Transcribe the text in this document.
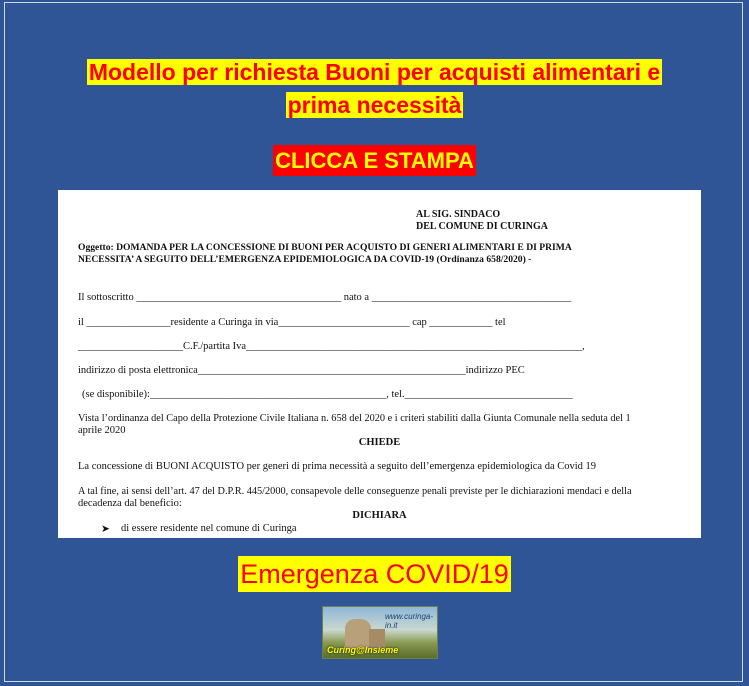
Modello per richiesta Buoni per acquisti alimentari e
prima necessità
CLICCA E STAMPA
AL SIG. SINDACO
DEL COMUNE DI CURINGA
Oggetto: DOMANDA PER LA CONCESSIONE DI BUONI PER ACQUISTO DI GENERI ALIMENTARI E DI PRIMA
NECESSITA’ A SEGUITO DELL’EMERGENZA EPIDEMIOLOGICA DA COVID-19 (Ordinanza 658/2020) -
Il sottoscritto _______________________________________ nato a ______________________________________
il ________________residente a Curinga in via_________________________ cap ____________ tel
____________________C.F./partita Iva________________________________________________________________,
indirizzo di posta elettronica___________________________________________________indirizzo PEC
(se disponibile):_____________________________________________, tel.________________________________
Vista l’ordinanza del Capo della Protezione Civile Italiana n. 658 del 2020 e i criteri stabiliti dalla Giunta Comunale nella seduta del 1
aprile 2020
CHIEDE
La concessione di BUONI ACQUISTO per generi di prima necessità a seguito dell’emergenza epidemiologica da Covid 19
A tal fine, ai sensi dell’art. 47 del D.P.R. 445/2000, consapevole delle conseguenze penali previste per le dichiarazioni mendaci e della
decadenza dal beneficio:
DICHIARA
➤ di essere residente nel comune di Curinga
Emergenza COVID/19
www.curinga-in.it
Curing@Insieme
